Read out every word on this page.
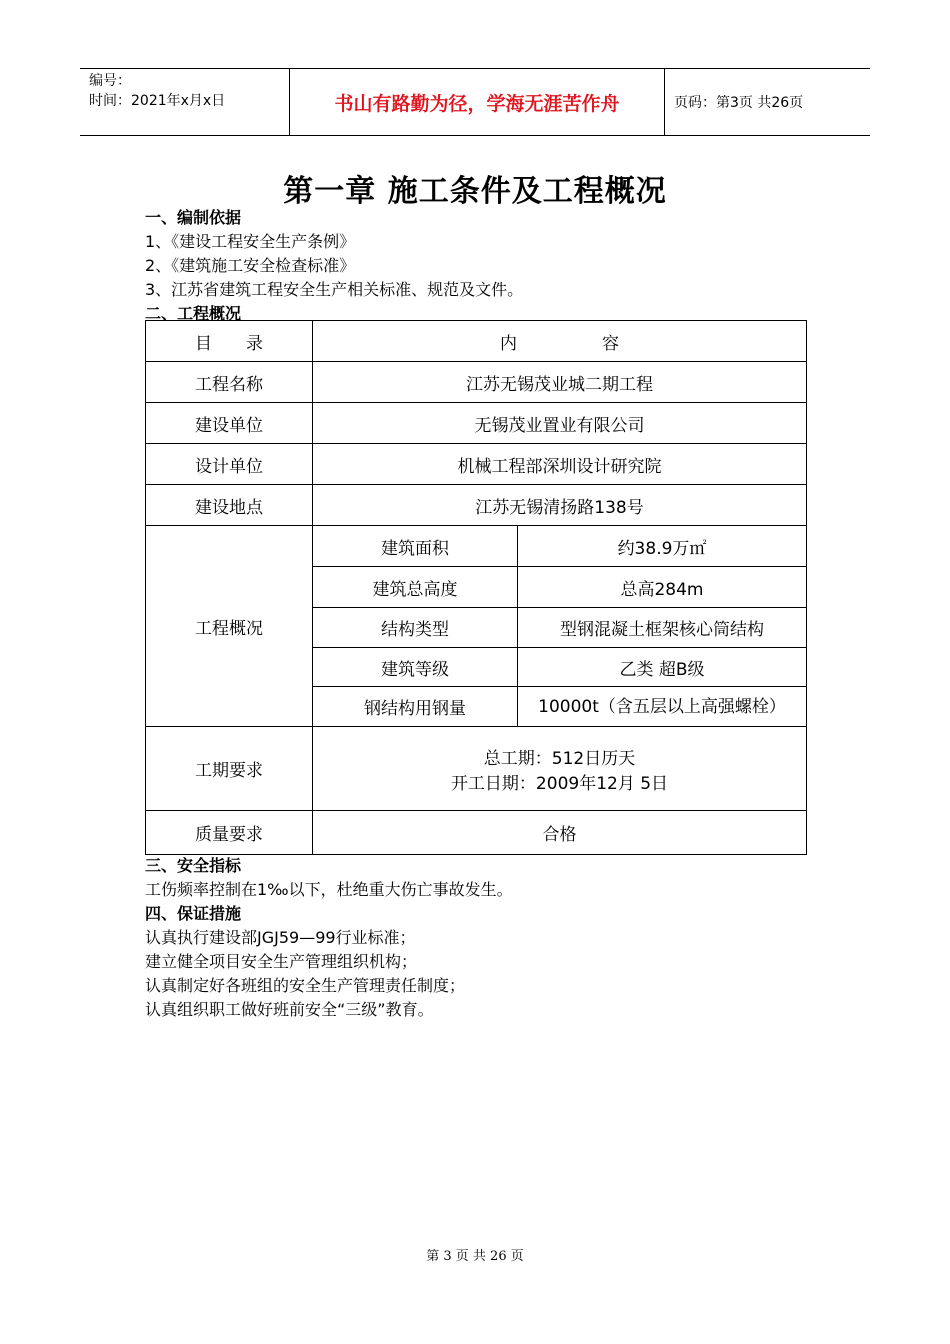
编号：
时间：2021年x月x日	书山有路勤为径，学海无涯苦作舟	页码：第3页 共26页
第一章 施工条件及工程概况
一、编制依据
1、《建设工程安全生产条例》
2、《建筑施工安全检查标准》
3、江苏省建筑工程安全生产相关标准、规范及文件。
二、工程概况
目　　录	内　　　　　容	
工程名称	江苏无锡茂业城二期工程	
建设单位	无锡茂业置业有限公司	
设计单位	机械工程部深圳设计研究院	
建设地点	江苏无锡清扬路138号	
工程概况	建筑面积	约38.9万㎡
	建筑总高度	总高284m
	结构类型	型钢混凝土框架核心筒结构
	建筑等级	乙类 超B级
	钢结构用钢量	10000t（含五层以上高强螺栓）
工期要求	总工期：512日历天
开工日期：2009年12月 5日	

质量要求	合格	
三、安全指标
工伤频率控制在1‰以下，杜绝重大伤亡事故发生。
四、保证措施
认真执行建设部JGJ59—99行业标准；
建立健全项目安全生产管理组织机构；
认真制定好各班组的安全生产管理责任制度；
认真组织职工做好班前安全“三级”教育。
第 3 页 共 26 页
